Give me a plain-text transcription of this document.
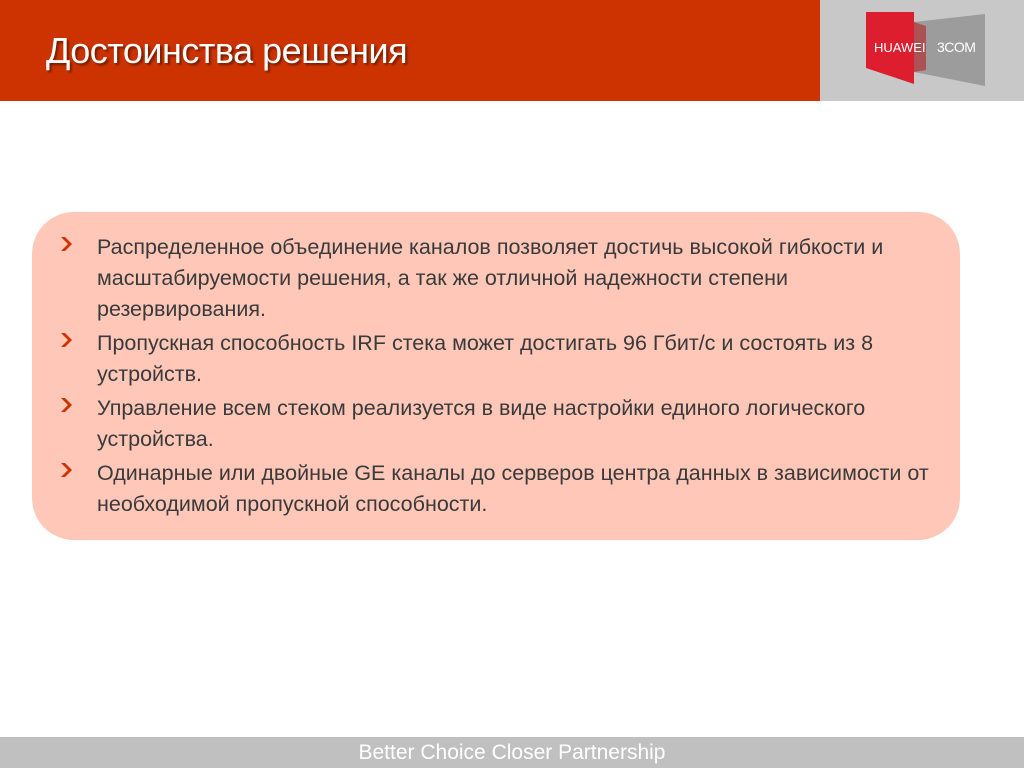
Достоинства решения	HUAWEI 3COM
Распределенное объединение каналов позволяет достичь высокой гибкости и масштабируемости решения, а так же отличной надежности степени резервирования.
Пропускная способность IRF стека может достигать 96 Гбит/с и состоять из 8 устройств.
Управление всем стеком реализуется в виде настройки единого логического устройства.
Одинарные или двойные GE каналы до серверов центра данных в зависимости от необходимой пропускной способности.
Better Choice Closer Partnership
